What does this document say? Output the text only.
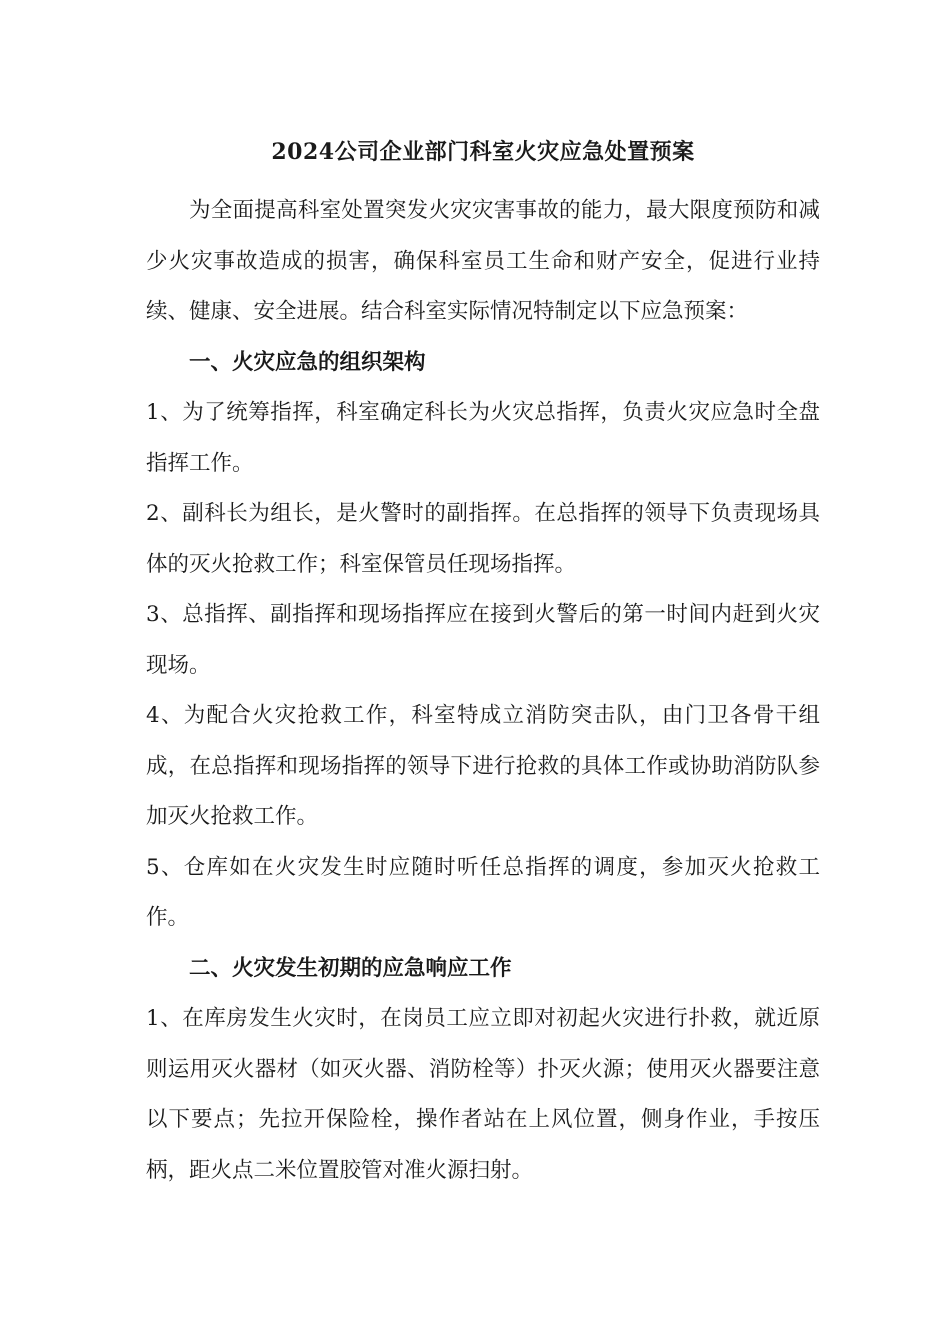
2024公司企业部门科室火灾应急处置预案

为全面提高科室处置突发火灾灾害事故的能力，最大限度预防和减少火灾事故造成的损害，确保科室员工生命和财产安全，促进行业持续、健康、安全进展。结合科室实际情况特制定以下应急预案：

一、火灾应急的组织架构

1、为了统筹指挥，科室确定科长为火灾总指挥，负责火灾应急时全盘指挥工作。

2、副科长为组长，是火警时的副指挥。在总指挥的领导下负责现场具体的灭火抢救工作；科室保管员任现场指挥。

3、总指挥、副指挥和现场指挥应在接到火警后的第一时间内赶到火灾现场。

4、为配合火灾抢救工作，科室特成立消防突击队，由门卫各骨干组成，在总指挥和现场指挥的领导下进行抢救的具体工作或协助消防队参加灭火抢救工作。

5、仓库如在火灾发生时应随时听任总指挥的调度，参加灭火抢救工作。

二、火灾发生初期的应急响应工作

1、在库房发生火灾时，在岗员工应立即对初起火灾进行扑救，就近原则运用灭火器材（如灭火器、消防栓等）扑灭火源；使用灭火器要注意以下要点；先拉开保险栓，操作者站在上风位置，侧身作业，手按压柄，距火点二米位置胶管对准火源扫射。
